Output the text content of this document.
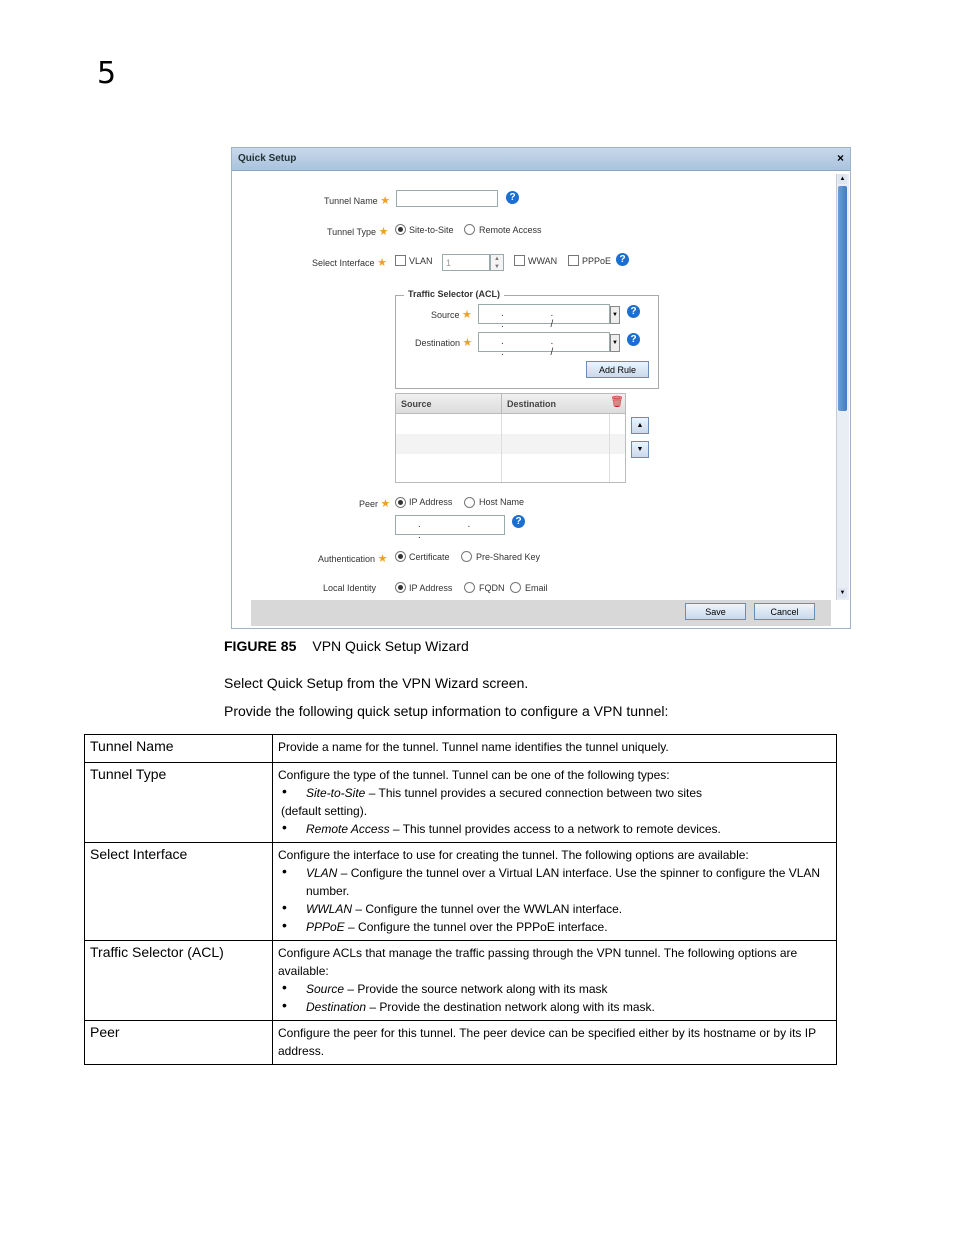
5
Quick Setup	×
Tunnel Name ★	?
Tunnel Type ★ Site-to-Site	Remote Access
Select Interface ★ VLAN	1	▲
▼
WWAN	PPPoE ?
Traffic Selector (ACL)
Source ★	. . . /
▼	?
Destination ★	. . . /
▼	?
Add Rule
Source	Destination	🗑
▲
▼
Peer ★ IP Address	Host Name
. . .
?
Authentication ★ Certificate	Pre-Shared Key
Local Identity	IP Address	FQDN Email
▲
▼
Save	Cancel
FIGURE 85 VPN Quick Setup Wizard
Select Quick Setup from the VPN Wizard screen.
Provide the following quick setup information to configure a VPN tunnel:
Tunnel Name	Provide a name for the tunnel. Tunnel name identifies the tunnel uniquely.

Tunnel Type	Configure the type of the tunnel. Tunnel can be one of the following types:
• Site-to-Site – This tunnel provides a secured connection between two sites
(default setting).
• Remote Access – This tunnel provides access to a network to remote devices.

Select Interface	Configure the interface to use for creating the tunnel. The following options are available:
• VLAN – Configure the tunnel over a Virtual LAN interface. Use the spinner to configure the VLAN number.
• WWLAN – Configure the tunnel over the WWLAN interface.
• PPPoE – Configure the tunnel over the PPPoE interface.

Traffic Selector (ACL)	Configure ACLs that manage the traffic passing through the VPN tunnel. The following options are available:
• Source – Provide the source network along with its mask
• Destination – Provide the destination network along with its mask.

Peer	Configure the peer for this tunnel. The peer device can be specified either by its hostname or by its IP address.
